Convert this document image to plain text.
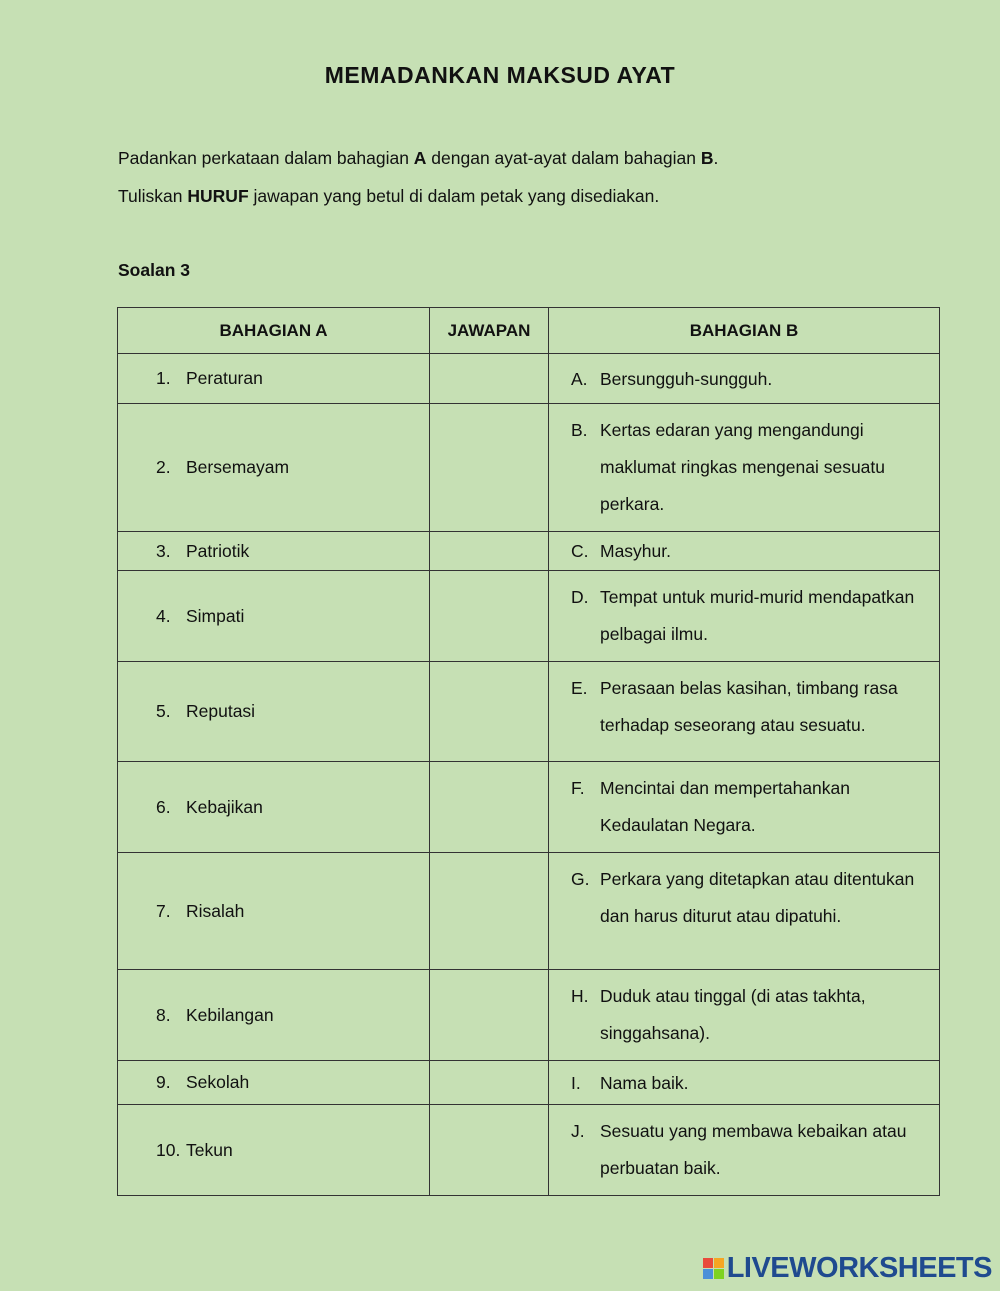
MEMADANKAN MAKSUD AYAT
Padankan perkataan dalam bahagian A dengan ayat-ayat dalam bahagian B.
Tuliskan HURUF jawapan yang betul di dalam petak yang disediakan.
Soalan 3
BAHAGIAN A	JAWAPAN	BAHAGIAN B
1. Peraturan		A. Bersungguh-sungguh.

2. Bersemayam		B. Kertas edaran yang mengandungi maklumat ringkas mengenai sesuatu perkara.

3. Patriotik		C. Masyhur.

4. Simpati		D. Tempat untuk murid-murid mendapatkan pelbagai ilmu.

5. Reputasi		E. Perasaan belas kasihan, timbang rasa terhadap seseorang atau sesuatu.

6. Kebajikan		F. Mencintai dan mempertahankan Kedaulatan Negara.

7. Risalah		G. Perkara yang ditetapkan atau ditentukan dan harus diturut atau dipatuhi.

8. Kebilangan		H. Duduk atau tinggal (di atas takhta, singgahsana).

9. Sekolah		I. Nama baik.

10. Tekun		J. Sesuatu yang membawa kebaikan atau perbuatan baik.
LIVEWORKSHEETS
